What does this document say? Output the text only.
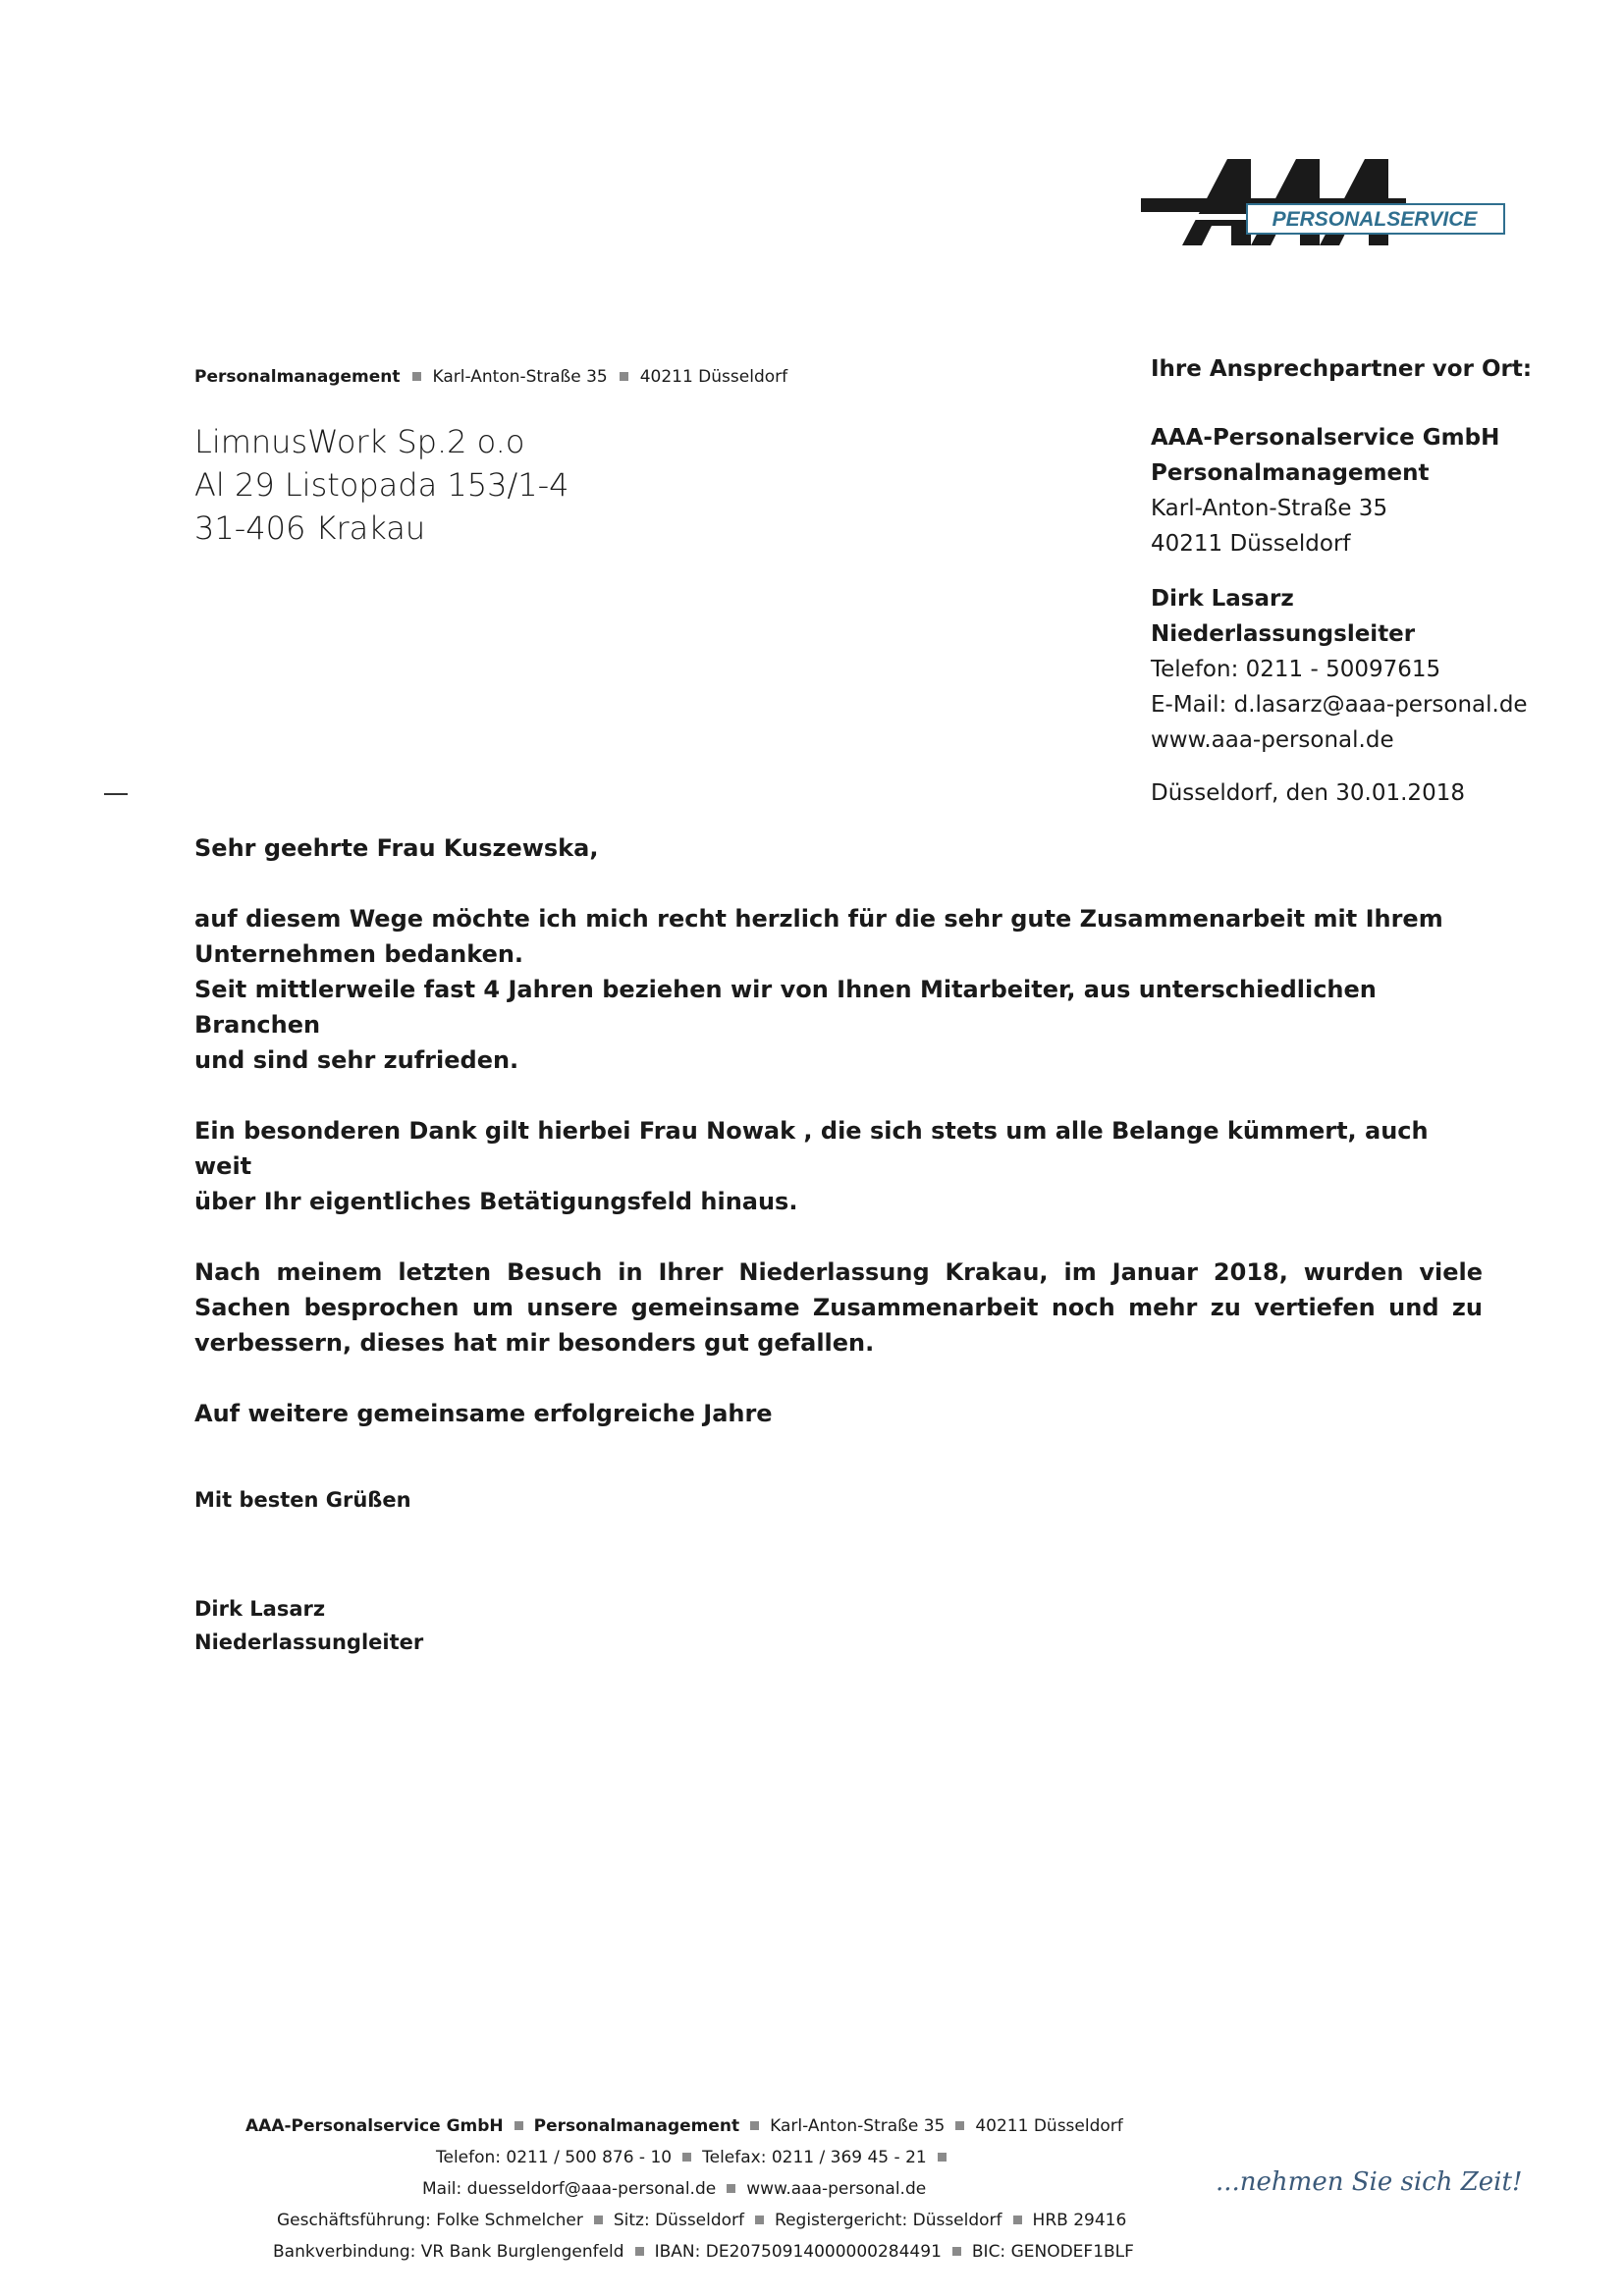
PERSONALSERVICE
Personalmanagement Karl-Anton-Straße 35 40211 Düsseldorf
LimnusWork Sp.2 o.o
Al 29 Listopada 153/1-4
31-406 Krakau
Ihre Ansprechpartner vor Ort:
AAA-Personalservice GmbH
Personalmanagement
Karl-Anton-Straße 35
40211 Düsseldorf
Dirk Lasarz
Niederlassungsleiter
Telefon: 0211 - 50097615
E-Mail: d.lasarz@aaa-personal.de
www.aaa-personal.de
Düsseldorf, den 30.01.2018

Sehr geehrte Frau Kuszewska,

auf diesem Wege möchte ich mich recht herzlich für die sehr gute Zusammenarbeit mit Ihrem

Unternehmen bedanken.

Seit mittlerweile fast 4 Jahren beziehen wir von Ihnen Mitarbeiter, aus unterschiedlichen Branchen

und sind sehr zufrieden.

Ein besonderen Dank gilt hierbei Frau Nowak , die sich stets um alle Belange kümmert, auch weit

über Ihr eigentliches Betätigungsfeld hinaus.

Nach meinem letzten Besuch in Ihrer Niederlassung Krakau, im Januar 2018, wurden viele Sachen besprochen um unsere gemeinsame Zusammenarbeit noch mehr zu vertiefen und zu verbessern, dieses hat mir besonders gut gefallen.

Auf weitere gemeinsame erfolgreiche Jahre

Mit besten Grüßen

Dirk Lasarz

Niederlassungleiter

AAA-Personalservice GmbH Personalmanagement Karl-Anton-Straße 35 40211 Düsseldorf
Telefon: 0211 / 500 876 - 10 Telefax: 0211 / 369 45 - 21
Mail: duesseldorf@aaa-personal.de www.aaa-personal.de
Geschäftsführung: Folke Schmelcher Sitz: Düsseldorf Registergericht: Düsseldorf HRB 29416
Bankverbindung: VR Bank Burglengenfeld IBAN: DE20750914000000284491 BIC: GENODEF1BLF
...nehmen Sie sich Zeit!
